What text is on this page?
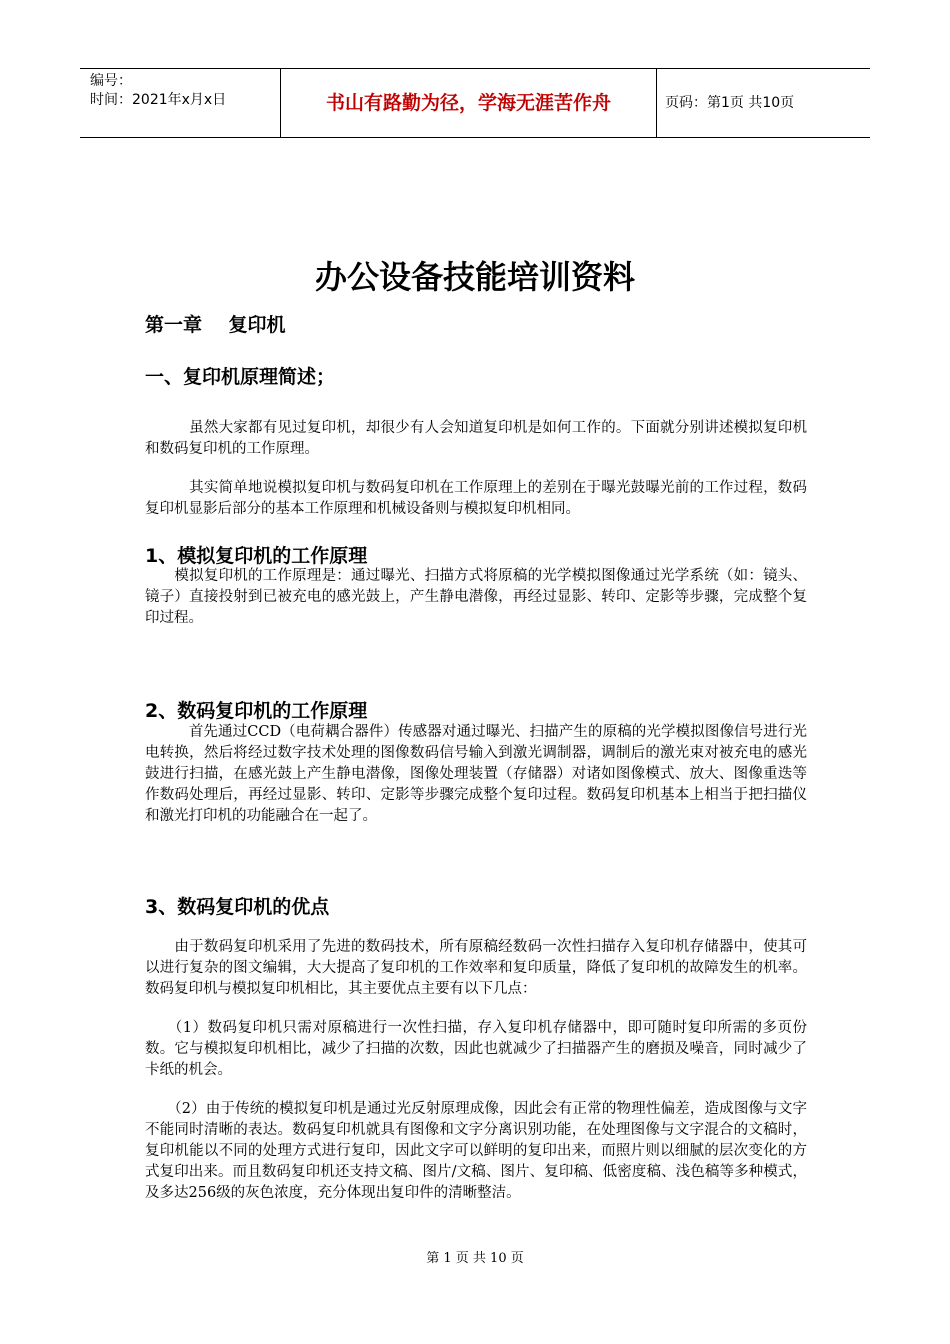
编号：
时间：2021年x月x日	书山有路勤为径，学海无涯苦作舟	页码：第1页 共10页
办公设备技能培训资料
第一章    复印机
一、复印机原理简述；
　　　虽然大家都有见过复印机，却很少有人会知道复印机是如何工作的。下面就分别讲述模拟复印机和数码复印机的工作原理。
　　　其实简单地说模拟复印机与数码复印机在工作原理上的差别在于曝光鼓曝光前的工作过程，数码复印机显影后部分的基本工作原理和机械设备则与模拟复印机相同。
1、模拟复印机的工作原理
　　模拟复印机的工作原理是：通过曝光、扫描方式将原稿的光学模拟图像通过光学系统（如：镜头、镜子）直接投射到已被充电的感光鼓上，产生静电潜像，再经过显影、转印、定影等步骤，完成整个复印过程。
2、数码复印机的工作原理
　　　首先通过CCD（电荷耦合器件）传感器对通过曝光、扫描产生的原稿的光学模拟图像信号进行光电转换，然后将经过数字技术处理的图像数码信号输入到激光调制器，调制后的激光束对被充电的感光鼓进行扫描，在感光鼓上产生静电潜像，图像处理装置（存储器）对诸如图像模式、放大、图像重迭等作数码处理后，再经过显影、转印、定影等步骤完成整个复印过程。数码复印机基本上相当于把扫描仪和激光打印机的功能融合在一起了。
3、数码复印机的优点
　　由于数码复印机采用了先进的数码技术，所有原稿经数码一次性扫描存入复印机存储器中，使其可以进行复杂的图文编辑，大大提高了复印机的工作效率和复印质量，降低了复印机的故障发生的机率。数码复印机与模拟复印机相比，其主要优点主要有以下几点：
　　（1）数码复印机只需对原稿进行一次性扫描，存入复印机存储器中，即可随时复印所需的多页份数。它与模拟复印机相比，减少了扫描的次数，因此也就减少了扫描器产生的磨损及噪音，同时减少了卡纸的机会。
　　（2）由于传统的模拟复印机是通过光反射原理成像，因此会有正常的物理性偏差，造成图像与文字不能同时清晰的表达。数码复印机就具有图像和文字分离识别功能，在处理图像与文字混合的文稿时，复印机能以不同的处理方式进行复印，因此文字可以鲜明的复印出来，而照片则以细腻的层次变化的方式复印出来。而且数码复印机还支持文稿、图片/文稿、图片、复印稿、低密度稿、浅色稿等多种模式，及多达256级的灰色浓度，充分体现出复印件的清晰整洁。
第 1 页 共 10 页
